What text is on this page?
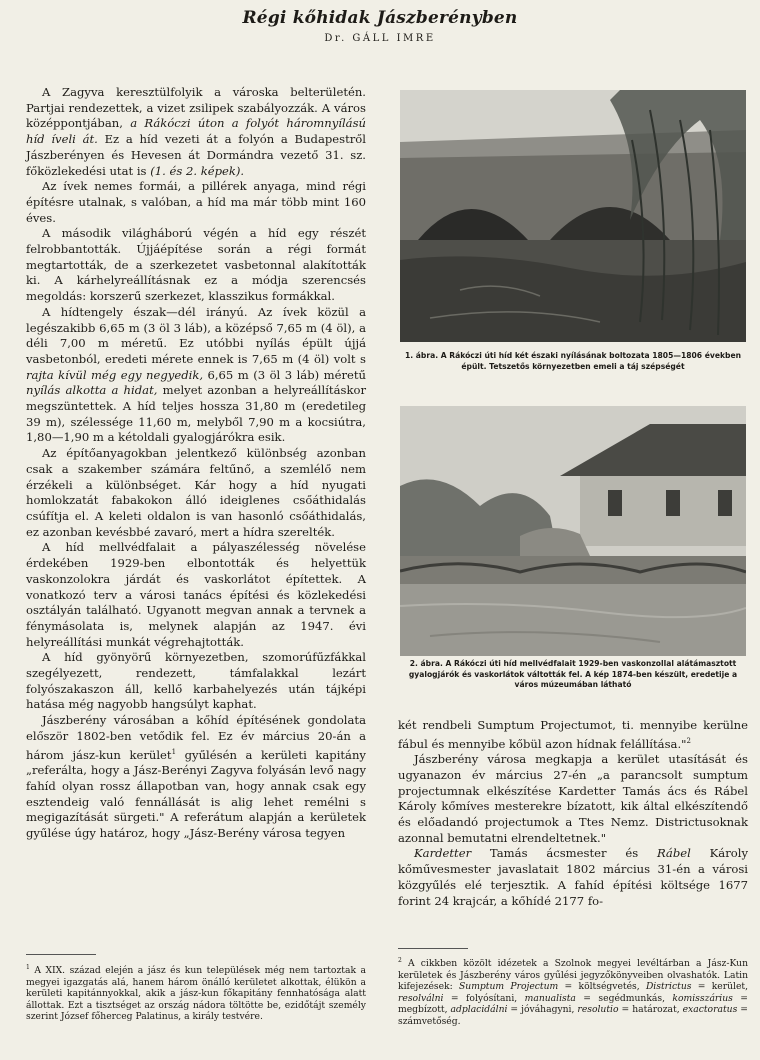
Régi kőhidak Jászberényben
Dr. GÁLL IMRE

A Zagyva keresztülfolyik a városka belterületén. Partjai rendezettek, a vizet zsilipek szabályozzák. A város középpontjában, a Rákóczi úton a folyót háromnyílású híd íveli át. Ez a híd vezeti át a folyón a Budapestről Jászberényen és Hevesen át Dormándra vezető 31. sz. főközlekedési utat is (1. és 2. képek).

Az ívek nemes formái, a pillérek anyaga, mind régi építésre utalnak, s valóban, a híd ma már több mint 160 éves.

A második világháború végén a híd egy részét felrobbantották. Újjáépítése során a régi formát megtartották, de a szerkezetet vasbetonnal alakították ki. A kárhelyreállításnak ez a módja szerencsés megoldás: korszerű szerkezet, klasszikus formákkal.

A hídtengely észak—dél irányú. Az ívek közül a legészakibb 6,65 m (3 öl 3 láb), a középső 7,65 m (4 öl), a déli 7,00 m méretű. Ez utóbbi nyílás épült újjá vasbetonból, eredeti mérete ennek is 7,65 m (4 öl) volt s rajta kívül még egy negyedik, 6,65 m (3 öl 3 láb) méretű nyílás alkotta a hidat, melyet azonban a helyreállításkor megszüntettek. A híd teljes hossza 31,80 m (eredetileg 39 m), szélessége 11,60 m, melyből 7,90 m a kocsiútra, 1,80—1,90 m a kétoldali gyalogjárókra esik.

Az építőanyagokban jelentkező különbség azonban csak a szakember számára feltűnő, a szemlélő nem érzékeli a különbséget. Kár hogy a híd nyugati homlokzatát fabakokon álló ideiglenes csőáthidalás csúfítja el. A keleti oldalon is van hasonló csőáthidalás, ez azonban kevésbbé zavaró, mert a hídra szerelték.

A híd mellvédfalait a pályaszélesség növelése érdekében 1929-ben elbontották és helyettük vaskonzolokra járdát és vaskorlátot építettek. A vonatkozó terv a városi tanács építési és közlekedési osztályán található. Ugyanott megvan annak a tervnek a fénymásolata is, melynek alapján az 1947. évi helyreállítási munkát végrehajtották.

A híd gyönyörű környezetben, szomorúfűzfákkal szegélyezett, rendezett, támfalakkal lezárt folyószakaszon áll, kellő karbahelyezés után tájképi hatása még nagyobb hangsúlyt kaphat.

Jászberény városában a kőhíd építésének gondolata először 1802-ben vetődik fel. Ez év március 20-án a három jász-kun kerület$^1$ gyűlésén a kerületi kapitány „referálta, hogy a Jász-Berényi Zagyva folyásán levő nagy fahíd olyan rossz állapotban van, hogy annak csak egy esztendeig való fennállását is alig lehet remélni s megigazítását sürgeti." A referátum alapján a kerületek gyűlése úgy határoz, hogy „Jász-Berény városa tegyen

1. ábra. A Rákóczi úti híd két északi nyílásának boltozata 1805—1806 években épült. Tetszetős környezetben emeli a táj szépségét
2. ábra. A Rákóczi úti híd mellvédfalait 1929-ben vaskonzollal alátámasztott gyalogjárók és vaskorlátok váltották fel. A kép 1874-ben készült, eredetije a város múzeumában látható

két rendbeli Sumptum Projectumot, ti. mennyibe kerülne fábul és mennyibe kőbül azon hídnak felállítása."$^2$

Jászberény városa megkapja a kerület utasítását és ugyanazon év március 27-én „a parancsolt sumptum projectumnak elkészítése Kardetter Tamás ács és Rábel Károly kőmíves mesterekre bízatott, kik által elkészítendő és előadandó projectumok a Ttes Nemz. Districtusoknak azonnal bemutatni elrendeltetnek."

Kardetter Tamás ácsmester és Rábel Károly kőművesmester javaslatait 1802 március 31-én a városi közgyűlés elé terjesztik. A fahíd építési költsége 1677 forint 24 krajcár, a kőhídé 2177 fo-

$^1$ A XIX. század elején a jász és kun települések még nem tartoztak a megyei igazgatás alá, hanem három önálló kerületet alkottak, élükön a kerületi kapitánnyokkal, akik a jász-kun főkapitány fennhatósága alatt állottak. Ezt a tisztséget az ország nádora töltötte be, ezidőtájt személy szerint József főherceg Palatinus, a király testvére.
$^2$ A cikkben közölt idézetek a Szolnok megyei levéltárban a Jász-Kun kerületek és Jászberény város gyűlési jegyzőkönyveiben olvashatók. Latin kifejezések: Sumptum Projectum = költségvetés, Districtus = kerület, resolválni = folyósítani, manualista = segédmunkás, komisszárius = megbízott, adplacidálni = jóváhagyni, resolutio = határozat, exactoratus = számvetőség.
